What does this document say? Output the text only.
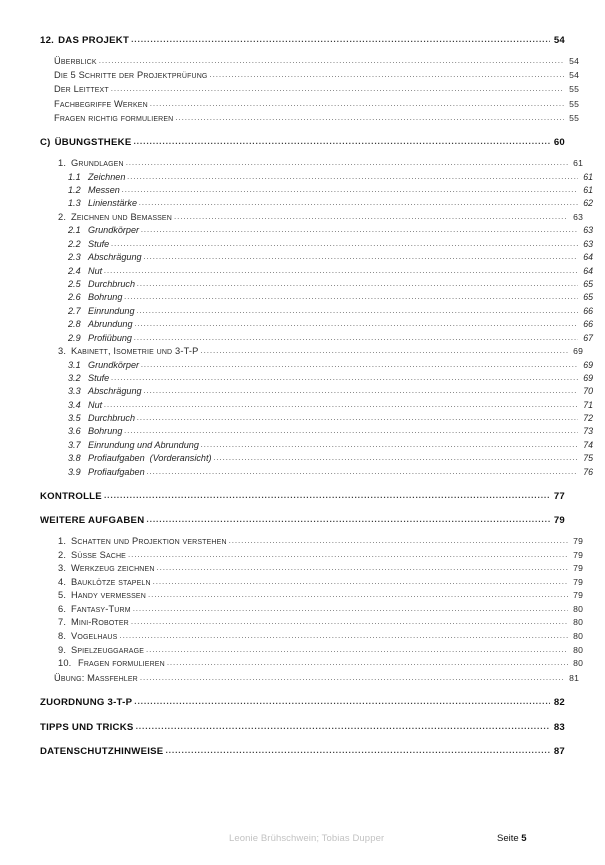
12. DAS PROJEKT .....	54
Überblick .....	54
Die 5 Schritte der Projektprüfung .....	54
Der Leittext .....	55
Fachbegriffe Werken .....	55
Fragen richtig formulieren .....	55
C) ÜBUNGSTHEKE .....	60
1. Grundlagen .....	61
1.1 Zeichnen .....	61
1.2 Messen .....	61
1.3 Linienstärke .....	62
2. Zeichnen und Bemaßen .....	63
2.1 Grundkörper .....	63
2.2 Stufe .....	63
2.3 Abschrägung .....	64
2.4 Nut .....	64
2.5 Durchbruch .....	65
2.6 Bohrung .....	65
2.7 Einrundung .....	66
2.8 Abrundung .....	66
2.9 Profiübung .....	67
3. Kabinett, Isometrie und 3-T-P .....	69
3.1 Grundkörper .....	69
3.2 Stufe .....	69
3.3 Abschrägung .....	70
3.4 Nut .....	71
3.5 Durchbruch .....	72
3.6 Bohrung .....	73
3.7 Einrundung und Abrundung .....	74
3.8 Profiaufgaben  (Vorderansicht) .....	75
3.9 Profiaufgaben .....	76
KONTROLLE .....	77
WEITERE AUFGABEN .....	79
1. Schatten und Projektion verstehen .....	79
2. Süße Sache .....	79
3. Werkzeug zeichnen .....	79
4. Bauklötze stapeln .....	79
5. Handy vermessen .....	79
6. Fantasy-Turm .....	80
7. Mini-Roboter .....	80
8. Vogelhaus .....	80
9. Spielzeuggarage .....	80
10. Fragen formulieren .....	80
Übung: Maßfehler .....	81
ZUORDNUNG 3-T-P .....	82
TIPPS UND TRICKS .....	83
DATENSCHUTZHINWEISE .....	87
Leonie Brühschwein; Tobias Dupper	Seite 5
